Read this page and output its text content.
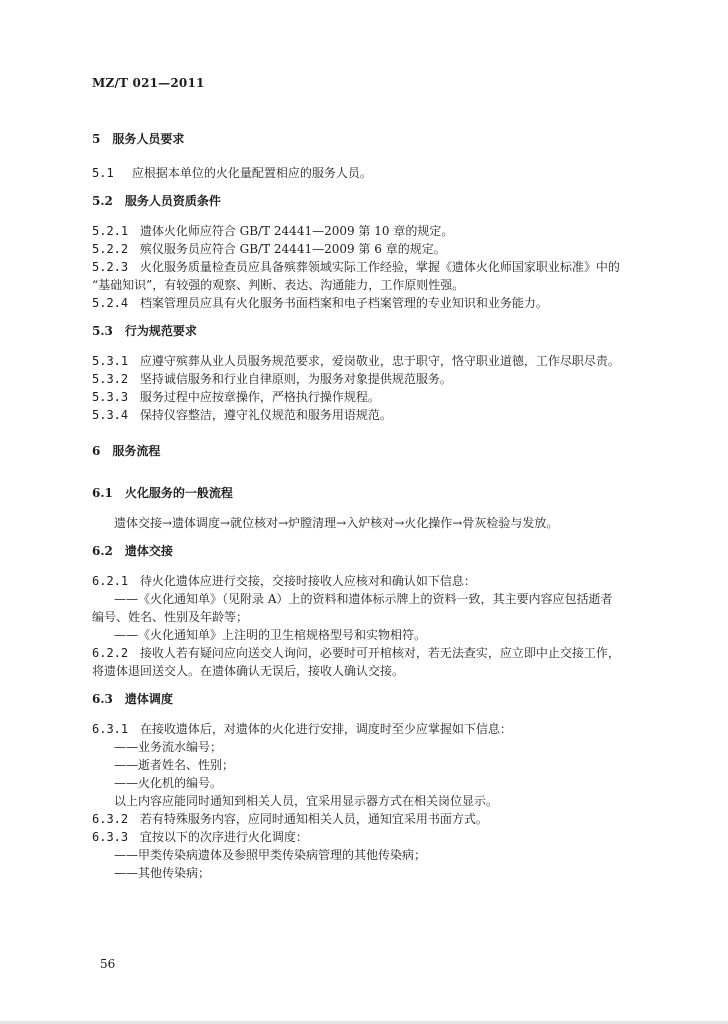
MZ/T 021—2011
5　服务人员要求
5.1 应根据本单位的火化量配置相应的服务人员。
5.2　服务人员资质条件
5.2.1 遗体火化师应符合 GB/T 24441—2009 第 10 章的规定。
5.2.2 殡仪服务员应符合 GB/T 24441—2009 第 6 章的规定。
5.2.3 火化服务质量检查员应具备殡葬领域实际工作经验，掌握《遗体火化师国家职业标准》中的
“基础知识”，有较强的观察、判断、表达、沟通能力，工作原则性强。
5.2.4 档案管理员应具有火化服务书面档案和电子档案管理的专业知识和业务能力。
5.3　行为规范要求
5.3.1 应遵守殡葬从业人员服务规范要求，爱岗敬业，忠于职守，恪守职业道德，工作尽职尽责。
5.3.2 坚持诚信服务和行业自律原则，为服务对象提供规范服务。
5.3.3 服务过程中应按章操作，严格执行操作规程。
5.3.4 保持仪容整洁，遵守礼仪规范和服务用语规范。
6　服务流程
6.1　火化服务的一般流程
遗体交接→遗体调度→就位核对→炉膛清理→入炉核对→火化操作→骨灰检验与发放。
6.2　遗体交接
6.2.1 待火化遗体应进行交接，交接时接收人应核对和确认如下信息：
——《火化通知单》（见附录 A）上的资料和遗体标示牌上的资料一致，其主要内容应包括逝者
编号、姓名、性别及年龄等；
——《火化通知单》上注明的卫生棺规格型号和实物相符。
6.2.2 接收人若有疑问应向送交人询问，必要时可开棺核对，若无法查实，应立即中止交接工作，
将遗体退回送交人。在遗体确认无误后，接收人确认交接。
6.3　遗体调度
6.3.1 在接收遗体后，对遗体的火化进行安排，调度时至少应掌握如下信息：
——业务流水编号；
——逝者姓名、性别；
——火化机的编号。
以上内容应能同时通知到相关人员，宜采用显示器方式在相关岗位显示。
6.3.2 若有特殊服务内容，应同时通知相关人员，通知宜采用书面方式。
6.3.3 宜按以下的次序进行火化调度：
——甲类传染病遗体及参照甲类传染病管理的其他传染病；
——其他传染病；
56
